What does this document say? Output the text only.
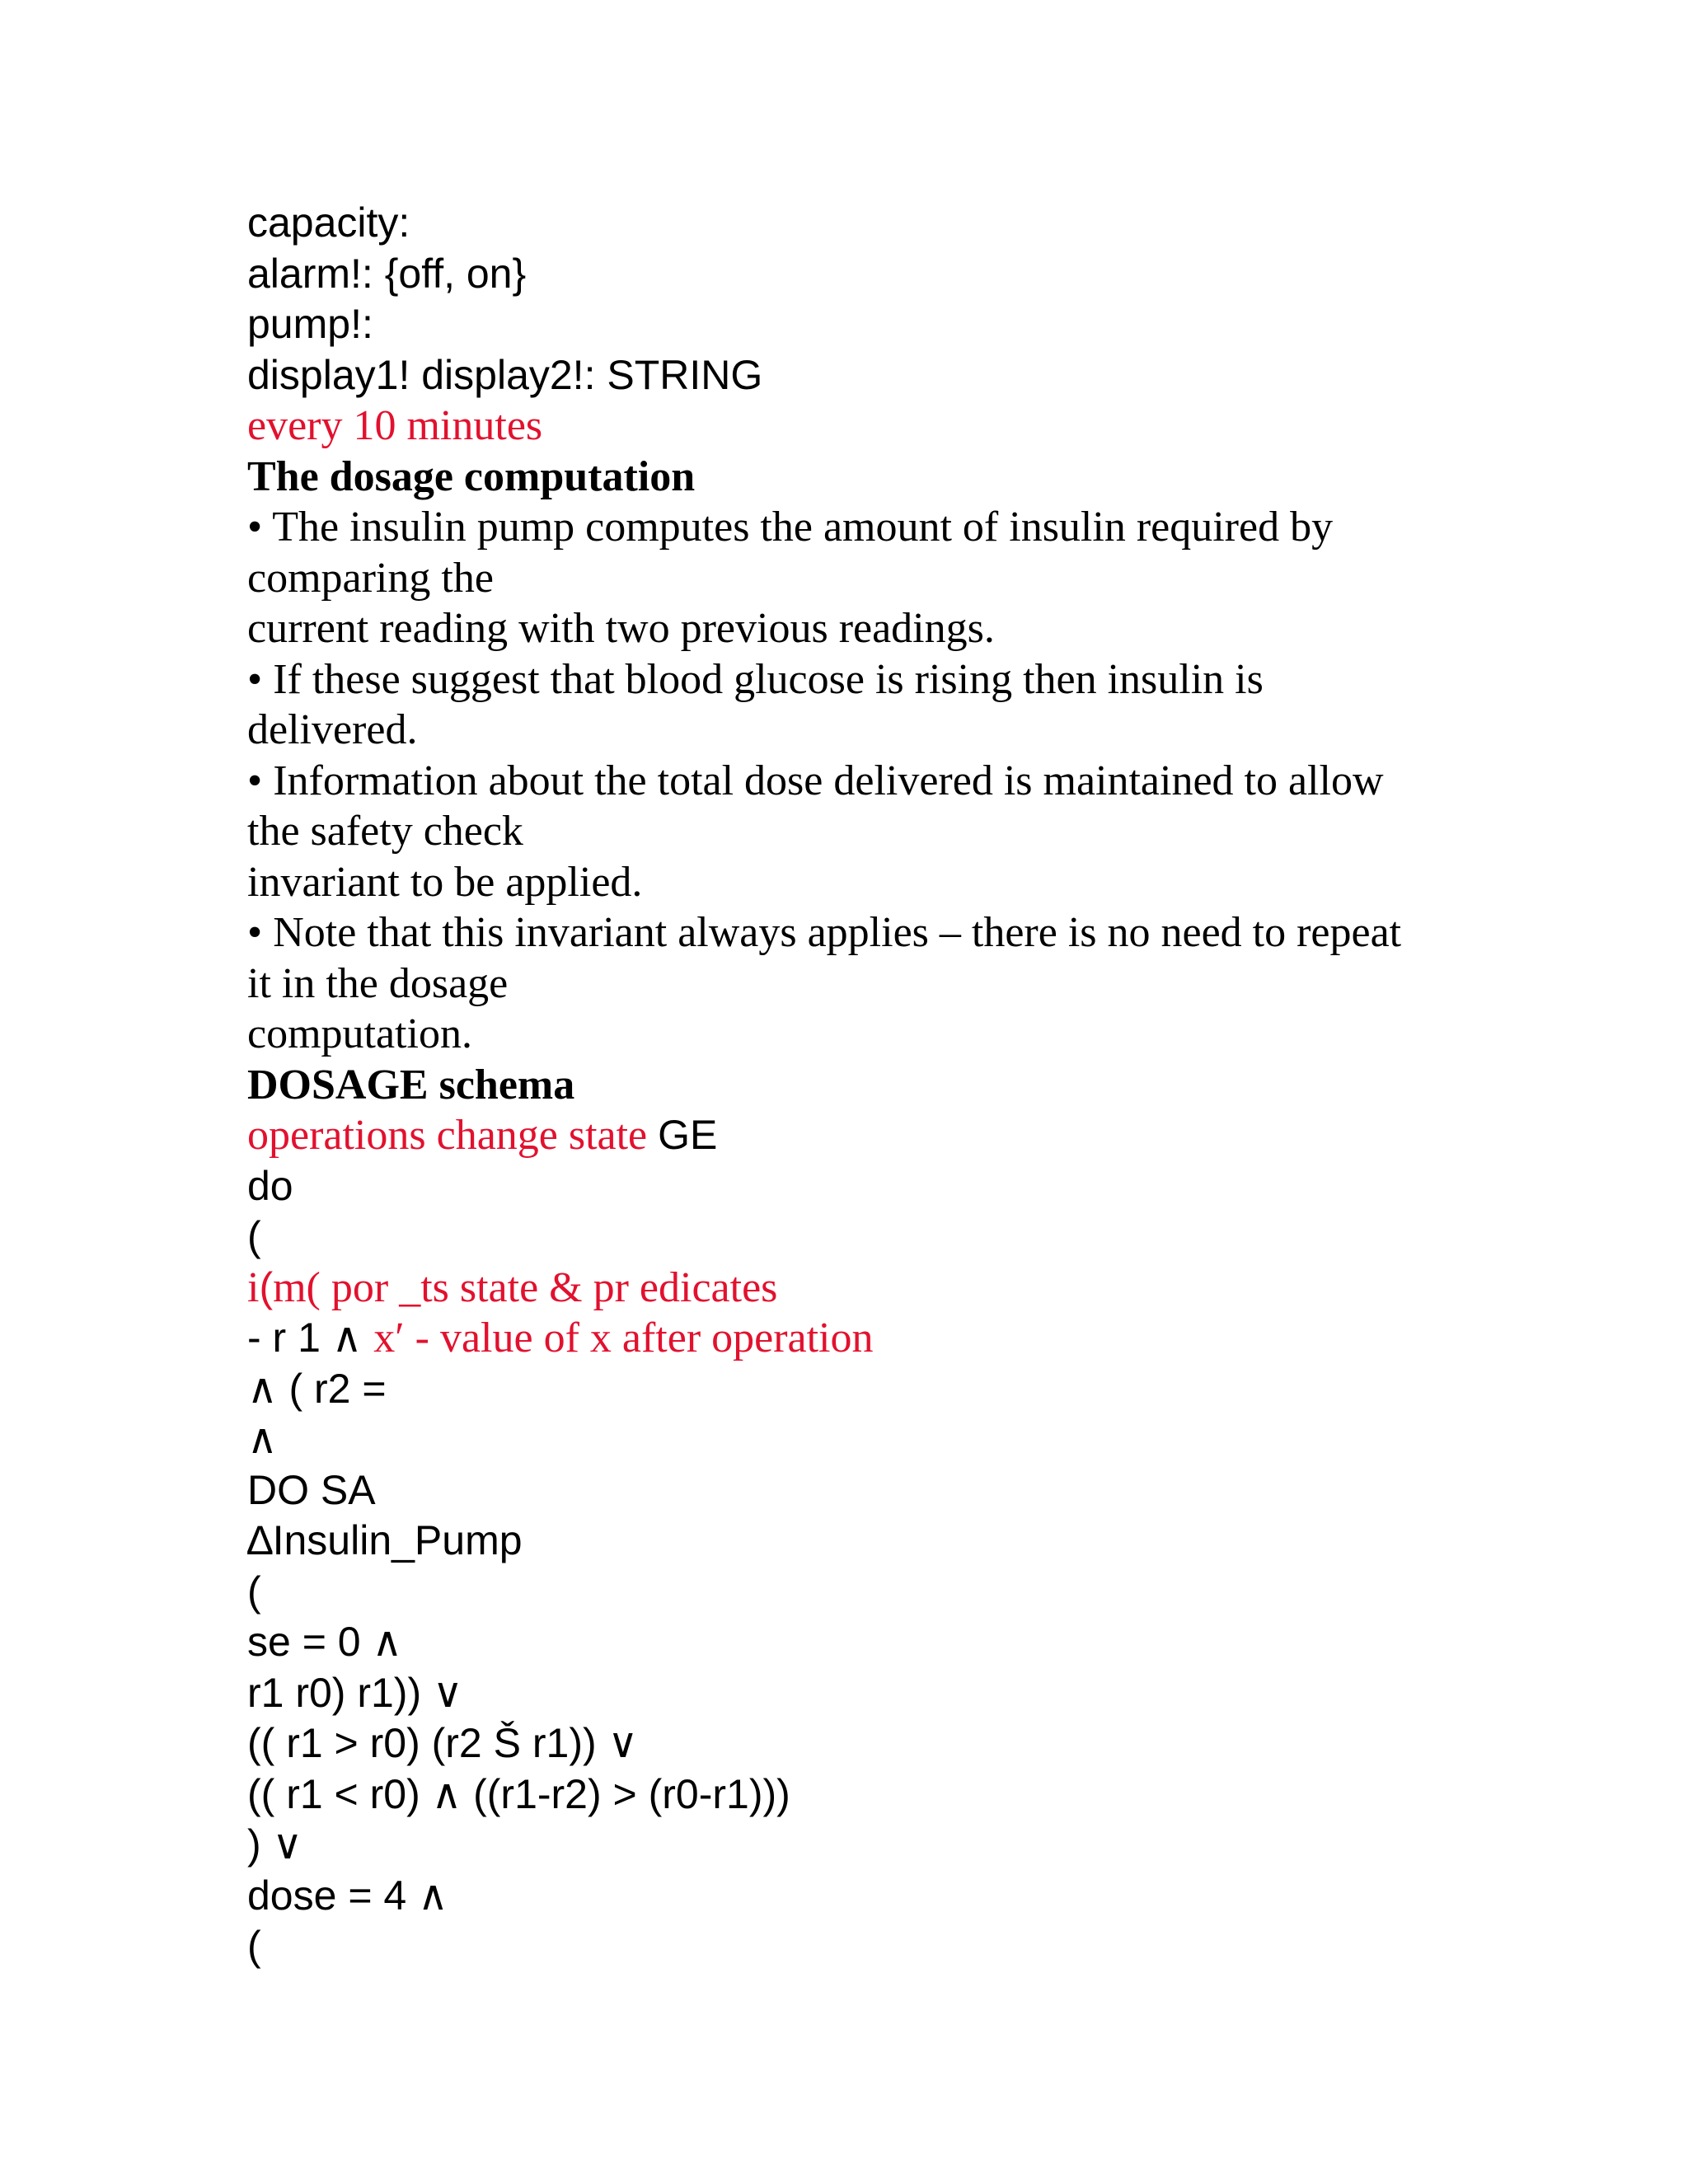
capacity:
alarm!: {off, on}
pump!:
display1! display2!: STRING
every 10 minutes
The dosage computation
• The insulin pump computes the amount of insulin required by
comparing the
current reading with two previous readings.
• If these suggest that blood glucose is rising then insulin is
delivered.
• Information about the total dose delivered is maintained to allow
the safety check
invariant to be applied.
• Note that this invariant always applies – there is no need to repeat
it in the dosage
computation.
DOSAGE schema
operations change state GE
do
(
i(m( por _ts state & pr edicates
- r 1 ∧ x′ - value of x after operation
∧ ( r2 =
∧
DO SA
∆Insulin_Pump
(
se = 0 ∧
r1 r0) r1)) ∨
(( r1 > r0) (r2 Š r1)) ∨
(( r1 < r0) ∧ ((r1-r2) > (r0-r1)))
) ∨
dose = 4 ∧
(
